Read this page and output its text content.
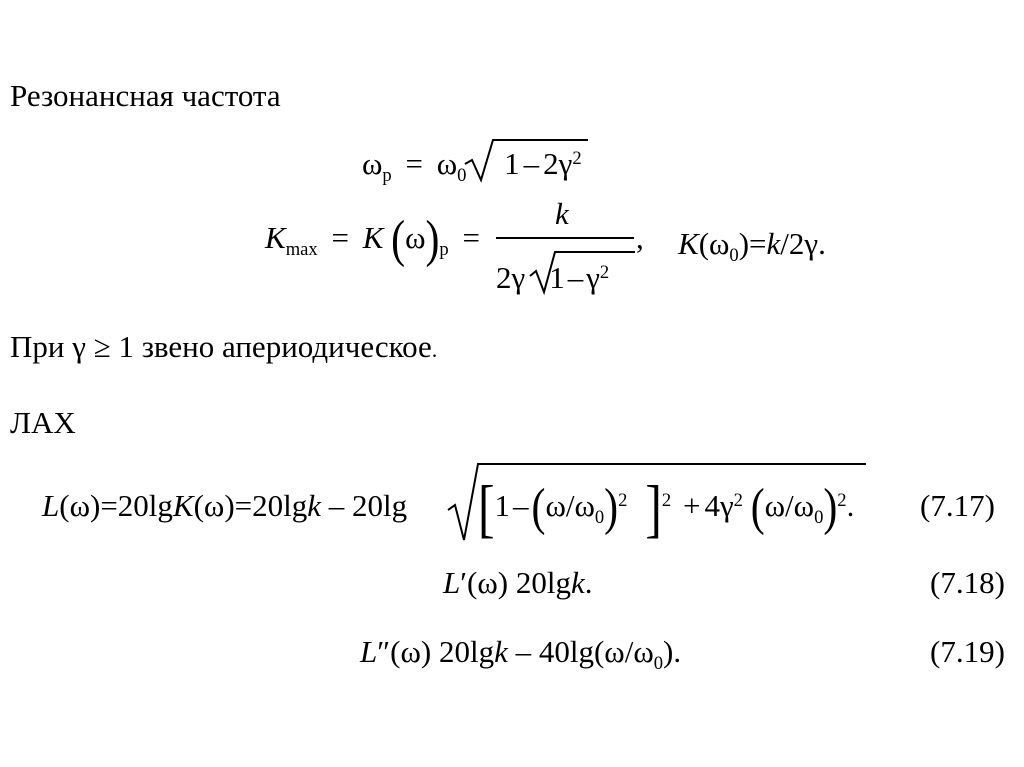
Резонансная частота
$\omega_р = \omega_0$ $1 - 2\gamma^2$
$K_{max} = K$ $(\omega)_р$ =
k
2γ $1-\gamma^2$
, $K(\omega_0)=k/2\gamma$.
При γ ≥ 1 звено апериодическое.
ЛАХ
L(ω)=20lgK(ω)=20lgk – 20lg [$1-(\omega/\omega_0)^2$ ]$^2 + 4\gamma^2$ $(\omega/\omega_0)^2$. (7.17)
L′(ω) 20lgk.	(7.18)
L″(ω) $20\lg k - 40\lg(\omega/\omega_0)$.	(7.19)
